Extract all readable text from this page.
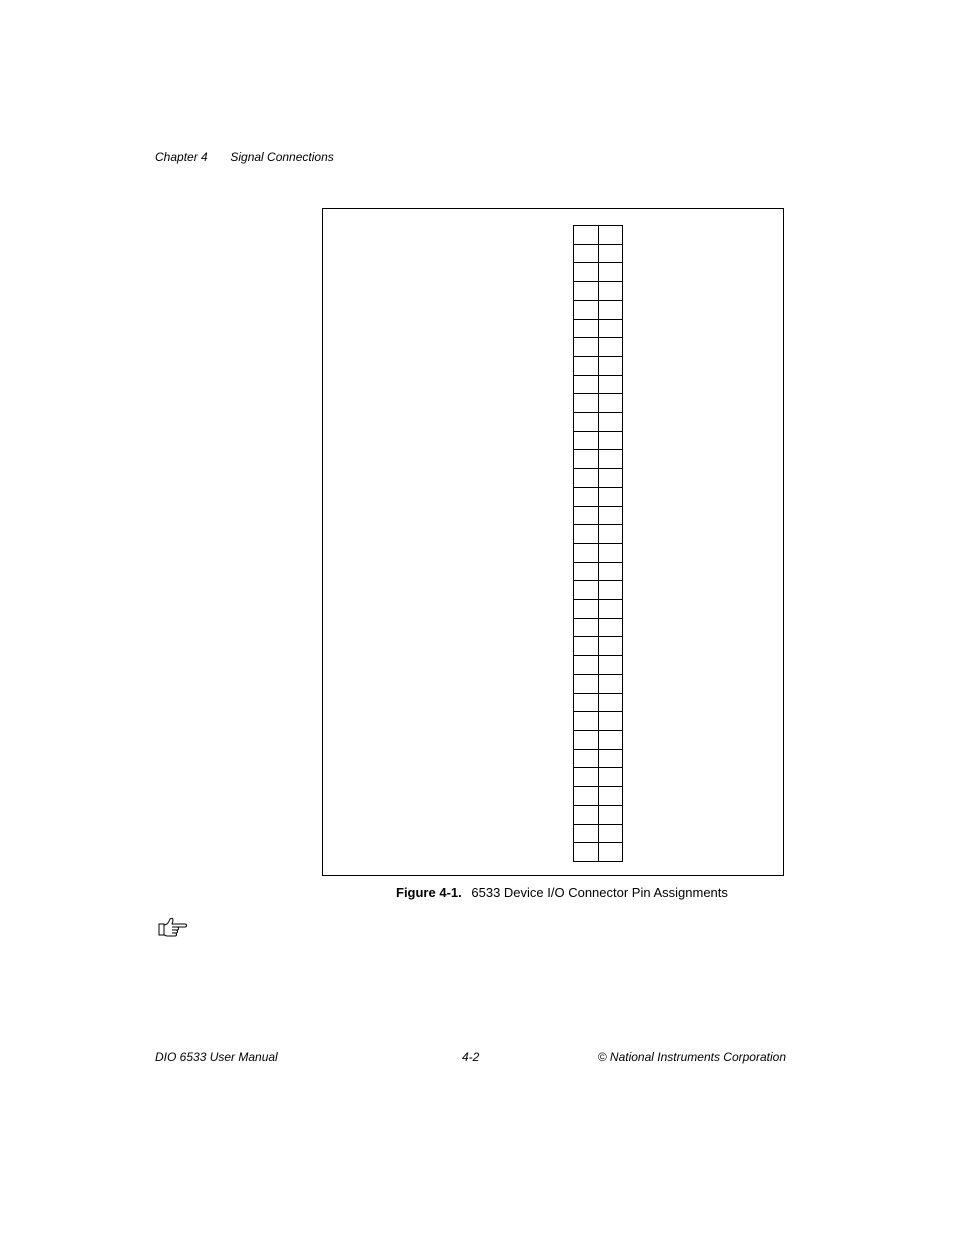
Chapter 4 Signal Connections
Figure 4-1. 6533 Device I/O Connector Pin Assignments
DIO 6533 User Manual	4-2	© National Instruments Corporation
